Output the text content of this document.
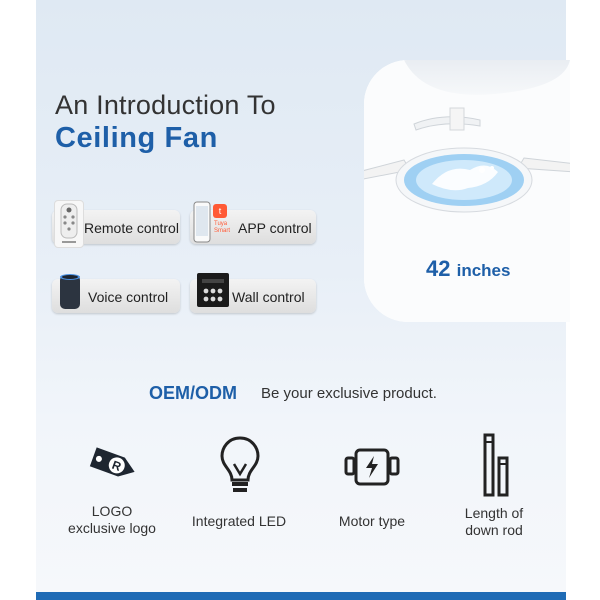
An Introduction To
Ceiling Fan
Remote control
t
Tuya
Smart APP control
Voice control	Wall control
42 inches
OEM/ODM Be your exclusive product.
R
LOGO
exclusive logo	Integrated LED	Motor type	Length of
down rod
